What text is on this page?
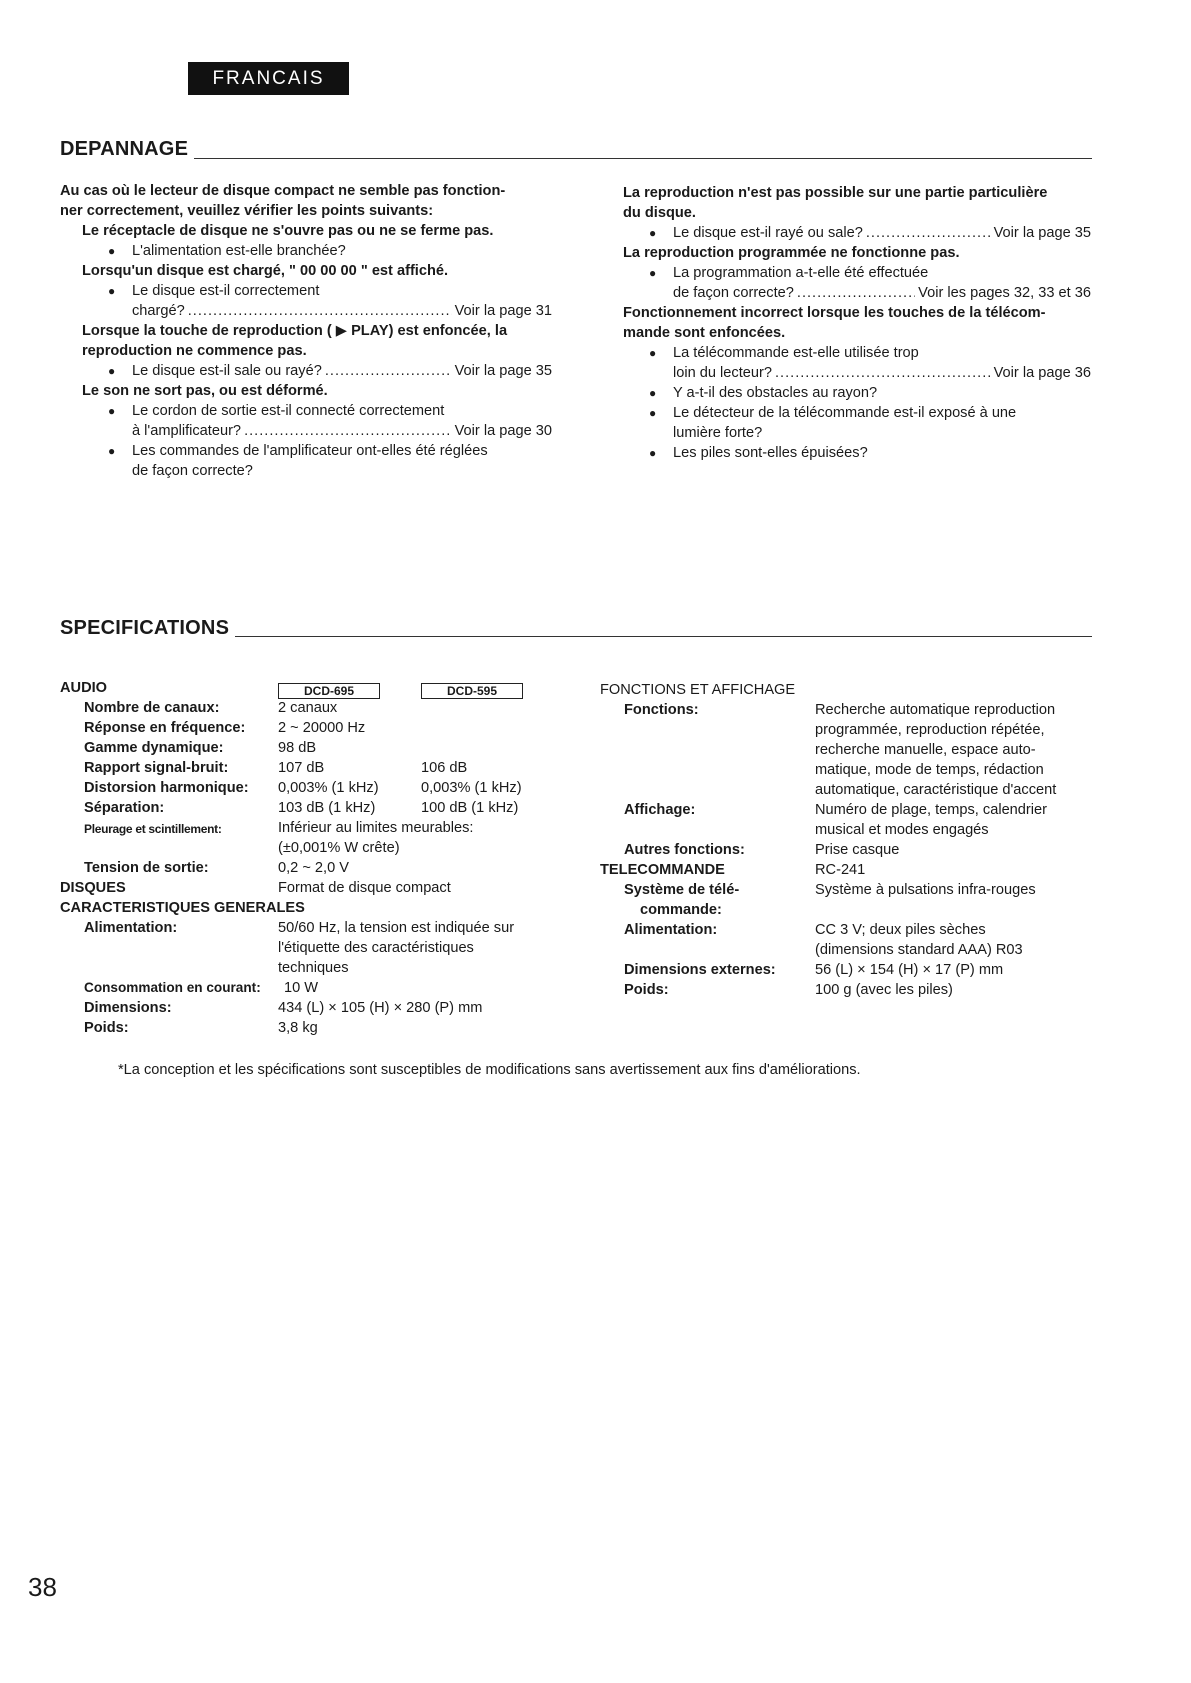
FRANCAIS
DEPANNAGE
Au cas où le lecteur de disque compact ne semble pas fonction-
ner correctement, veuillez vérifier les points suivants:
Le réceptacle de disque ne s'ouvre pas ou ne se ferme pas.
● L'alimentation est-elle branchée?
Lorsqu'un disque est chargé, " 00 00 00 " est affiché.
● Le disque est-il correctement
chargé? .....	Voir la page 31
Lorsque la touche de reproduction ( ▶ PLAY) est enfoncée, la
reproduction ne commence pas.
●	Le disque est-il sale ou rayé? .....	Voir la page 35
Le son ne sort pas, ou est déformé.
● Le cordon de sortie est-il connecté correctement
à l'amplificateur? .....	Voir la page 30
● Les commandes de l'amplificateur ont-elles été réglées
de façon correcte?
La reproduction n'est pas possible sur une partie particulière
du disque.
●	Le disque est-il rayé ou sale? .....	Voir la page 35
La reproduction programmée ne fonctionne pas.
● La programmation a-t-elle été effectuée
de façon correcte? .....	Voir les pages 32, 33 et 36
Fonctionnement incorrect lorsque les touches de la télécom-
mande sont enfoncées.
● La télécommande est-elle utilisée trop
loin du lecteur? .....	Voir la page 36
● Y a-t-il des obstacles au rayon?
● Le détecteur de la télécommande est-il exposé à une
lumière forte?
● Les piles sont-elles épuisées?
SPECIFICATIONS
AUDIO	DCD-695	DCD-595
Nombre de canaux:	2 canaux
Réponse en fréquence: 2 ~ 20000 Hz
Gamme dynamique:	98 dB
Rapport signal-bruit:	107 dB	106 dB
Distorsion harmonique: 0,003% (1 kHz)	0,003% (1 kHz)
Séparation:	103 dB (1 kHz)	100 dB (1 kHz)
Pleurage et scintillement:	Inférieur au limites meurables:
(±0,001% W crête)
Tension de sortie:	0,2 ~ 2,0 V
DISQUES	Format de disque compact
CARACTERISTIQUES GENERALES
Alimentation:	50/60 Hz, la tension est indiquée sur
l'étiquette des caractéristiques
techniques
Consommation en courant: 10 W
Dimensions:	434 (L) × 105 (H) × 280 (P) mm
Poids:	3,8 kg
FONCTIONS ET AFFICHAGE
Fonctions:	Recherche automatique reproduction
programmée, reproduction répétée,
recherche manuelle, espace auto-
matique, mode de temps, rédaction
automatique, caractéristique d'accent
Affichage:	Numéro de plage, temps, calendrier
musical et modes engagés
Autres fonctions:	Prise casque
TELECOMMANDE	RC-241
Système de télé-
commande:
Système à pulsations infra-rouges
Alimentation:	CC 3 V; deux piles sèches
(dimensions standard AAA) R03
Dimensions externes:	56 (L) × 154 (H) × 17 (P) mm
Poids:	100 g (avec les piles)
*La conception et les spécifications sont susceptibles de modifications sans avertissement aux fins d'améliorations.
38
